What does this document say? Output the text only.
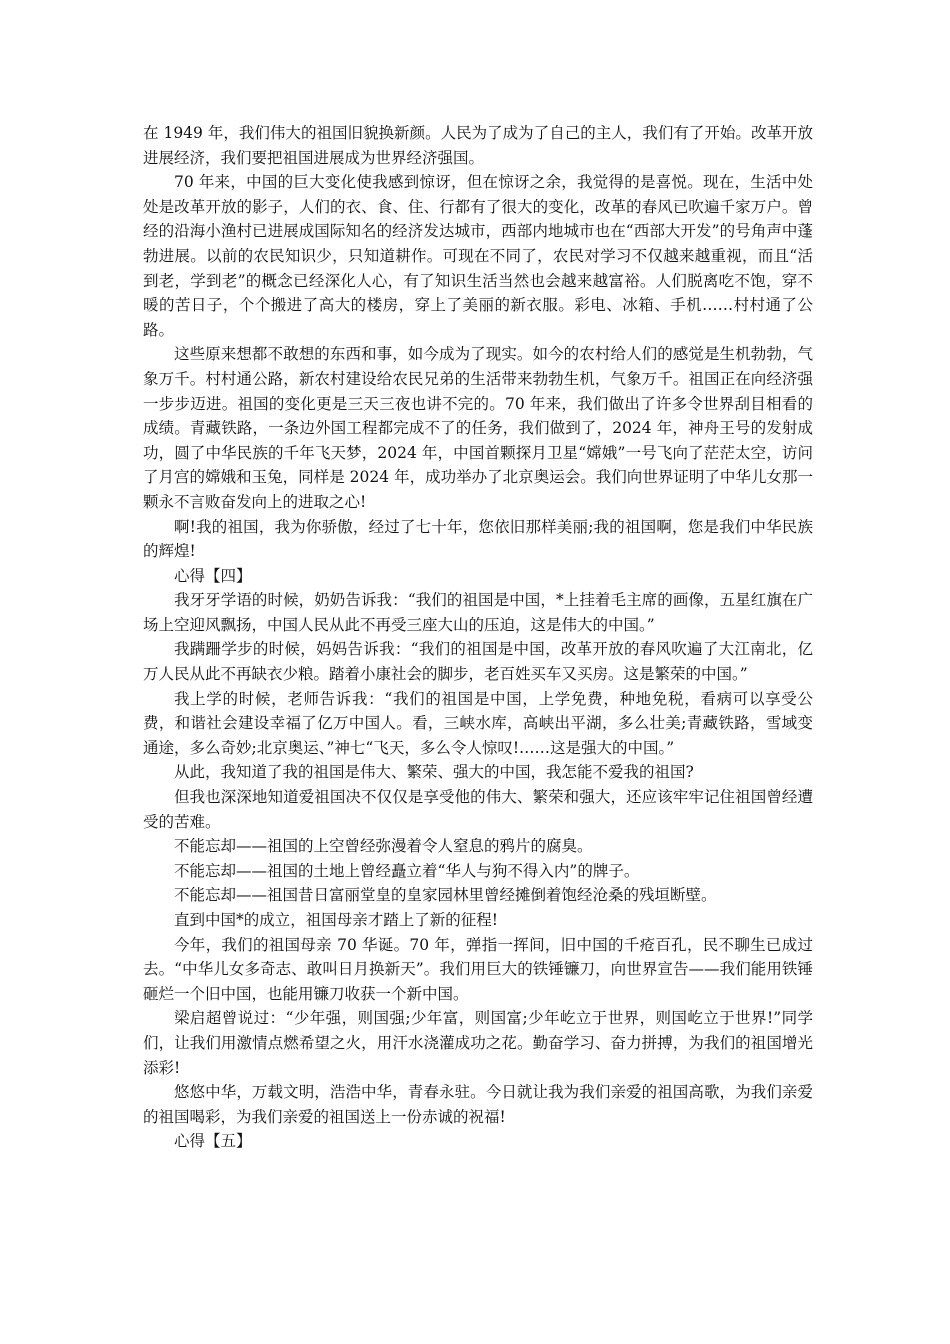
在 1949 年，我们伟大的祖国旧貌换新颜。人民为了成为了自己的主人，我们有了开始。改革开放进展经济，我们要把祖国进展成为世界经济强国。

70 年来，中国的巨大变化使我感到惊讶，但在惊讶之余，我觉得的是喜悦。现在，生活中处处是改革开放的影子，人们的衣、食、住、行都有了很大的变化，改革的春风已吹遍千家万户。曾经的沿海小渔村已进展成国际知名的经济发达城市，西部内地城市也在“西部大开发”的号角声中蓬勃进展。以前的农民知识少，只知道耕作。可现在不同了，农民对学习不仅越来越重视，而且“活到老，学到老”的概念已经深化人心，有了知识生活当然也会越来越富裕。人们脱离吃不饱，穿不暖的苦日子，个个搬进了高大的楼房，穿上了美丽的新衣服。彩电、冰箱、手机……村村通了公路。

这些原来想都不敢想的东西和事，如今成为了现实。如今的农村给人们的感觉是生机勃勃，气象万千。村村通公路，新农村建设给农民兄弟的生活带来勃勃生机，气象万千。祖国正在向经济强一步步迈进。祖国的变化更是三天三夜也讲不完的。70 年来，我们做出了许多令世界刮目相看的成绩。青藏铁路，一条边外国工程都完成不了的任务，我们做到了，2024 年，神舟王号的发射成功，圆了中华民族的千年飞天梦，2024 年，中国首颗探月卫星“嫦娥”一号飞向了茫茫太空，访问了月宫的嫦娥和玉兔，同样是 2024 年，成功举办了北京奥运会。我们向世界证明了中华儿女那一颗永不言败奋发向上的进取之心!

啊!我的祖国，我为你骄傲，经过了七十年，您依旧那样美丽;我的祖国啊，您是我们中华民族的辉煌!

心得【四】

我牙牙学语的时候，奶奶告诉我：“我们的祖国是中国，*上挂着毛主席的画像，五星红旗在广场上空迎风飘扬，中国人民从此不再受三座大山的压迫，这是伟大的中国。”

我蹒跚学步的时候，妈妈告诉我：“我们的祖国是中国，改革开放的春风吹遍了大江南北，亿万人民从此不再缺衣少粮。踏着小康社会的脚步，老百姓买车又买房。这是繁荣的中国。”

我上学的时候，老师告诉我：“我们的祖国是中国，上学免费，种地免税，看病可以享受公费，和谐社会建设幸福了亿万中国人。看，三峡水库，高峡出平湖，多么壮美;青藏铁路，雪域变通途，多么奇妙;北京奥运、”神七“飞天，多么令人惊叹!……这是强大的中国。”

从此，我知道了我的祖国是伟大、繁荣、强大的中国，我怎能不爱我的祖国?

但我也深深地知道爱祖国决不仅仅是享受他的伟大、繁荣和强大，还应该牢牢记住祖国曾经遭受的苦难。

不能忘却——祖国的上空曾经弥漫着令人窒息的鸦片的腐臭。

不能忘却——祖国的土地上曾经矗立着“华人与狗不得入内”的牌子。

不能忘却——祖国昔日富丽堂皇的皇家园林里曾经摊倒着饱经沧桑的残垣断壁。

直到中国*的成立，祖国母亲才踏上了新的征程!

今年，我们的祖国母亲 70 华诞。70 年，弹指一挥间，旧中国的千疮百孔，民不聊生已成过去。“中华儿女多奇志、敢叫日月换新天”。我们用巨大的铁锤镰刀，向世界宣告——我们能用铁锤砸烂一个旧中国，也能用镰刀收获一个新中国。

梁启超曾说过：“少年强，则国强;少年富，则国富;少年屹立于世界，则国屹立于世界!”同学们，让我们用激情点燃希望之火，用汗水浇灌成功之花。勤奋学习、奋力拼搏，为我们的祖国增光添彩!

悠悠中华，万载文明，浩浩中华，青春永驻。今日就让我为我们亲爱的祖国高歌，为我们亲爱的祖国喝彩，为我们亲爱的祖国送上一份赤诚的祝福!

心得【五】
